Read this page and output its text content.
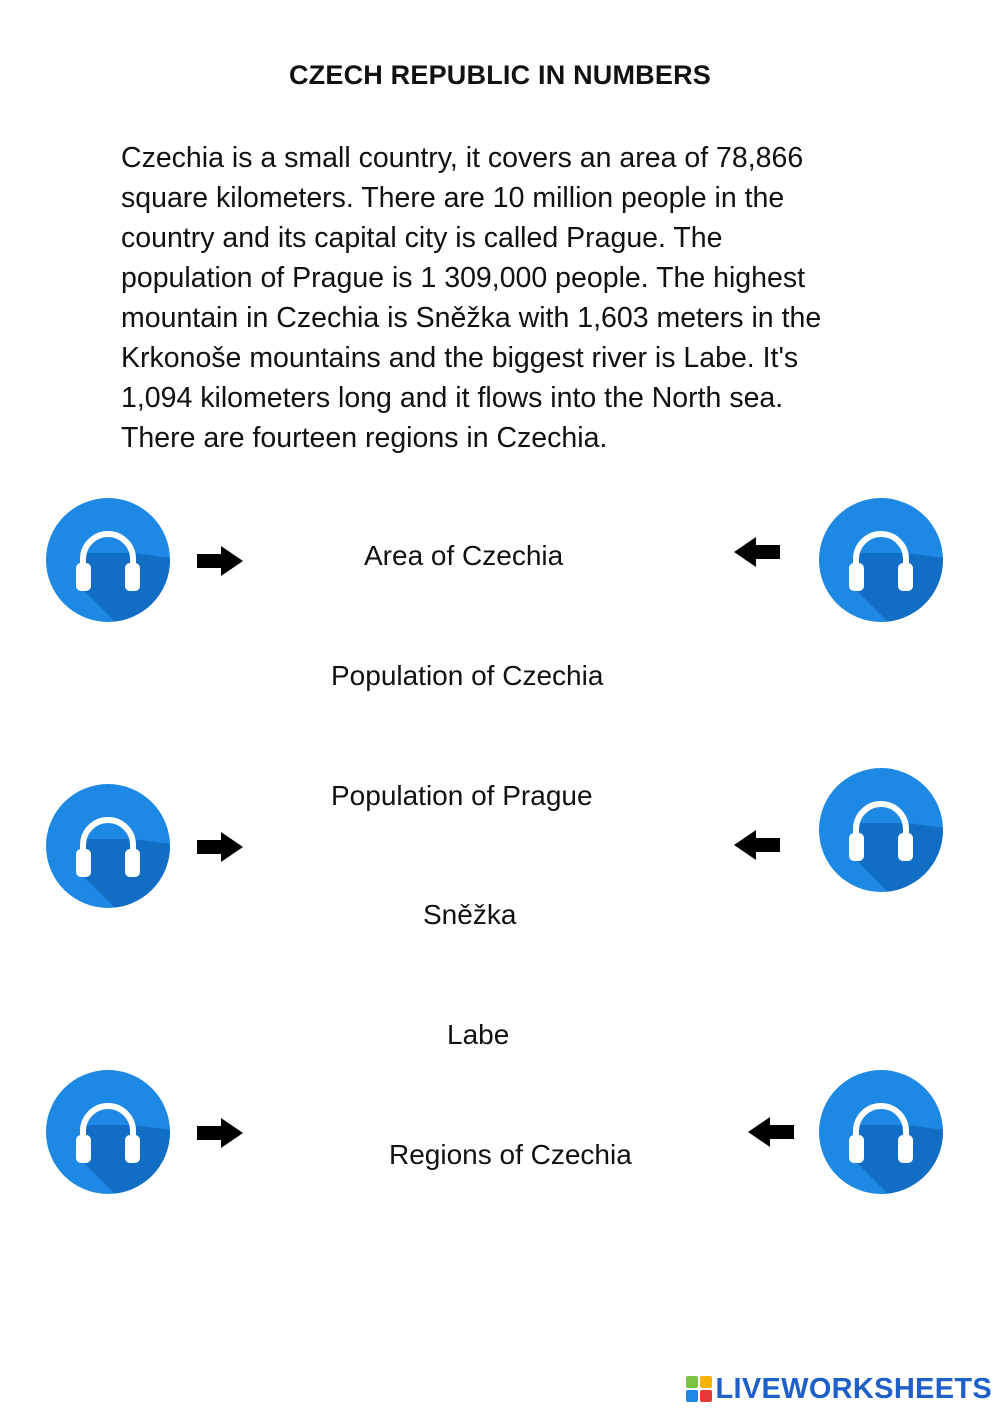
CZECH REPUBLIC IN NUMBERS

Czechia is a small country, it covers an area of 78,866

square kilometers. There are 10 million people in the

country and its capital city is called Prague. The

population of Prague is 1 309,000 people. The highest

mountain in Czechia is Sněžka with 1,603 meters in the

Krkonoše mountains and the biggest river is Labe. It's

1,094 kilometers long and it flows into the North sea.

There are fourteen regions in Czechia.

Area of Czechia
Population of Czechia
Population of Prague
Sněžka
Labe
Regions of Czechia
LIVEWORKSHEETS
